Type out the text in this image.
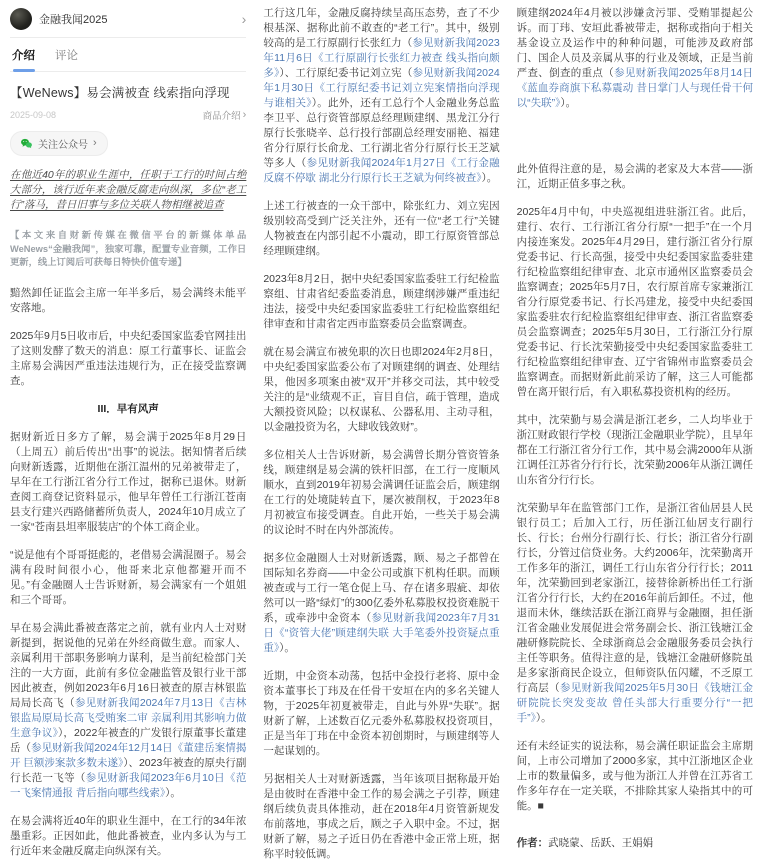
金融我闻2025	›
介绍 评论
【WeNews】易会满被查 线索指向浮现
2025-09-08	商品介绍 ›
关注公众号 ›

在他近40年的职业生涯中，任职于工行的时间占绝大部分，该行近年来金融反腐走向纵深，多位“老工行”落马，昔日旧事与多位关联人物相继被追查

【本文来自财新传媒在微信平台的新媒体单品 WeNews“金融我闻”，独家可靠，配置专业音频，工作日更新，线上订阅后可获每日特快价值专递】

黯然卸任证监会主席一年半多后，易会满终未能平安落地。

2025年9月5日收市后，中央纪委国家监委官网挂出了这则发酵了数天的消息：原工行董事长、证监会主席易会满因严重违法违规行为，正在接受监察调查。

III．早有风声

据财新近日多方了解，易会满于2025年8月29日（上周五）前后传出“出事”的说法。据知情者后续向财新透露，近期他在浙江温州的兄弟被带走了，早年在工行浙江省分行工作过，据称已退休。财新查阅工商登记资料显示，他早年曾任工行浙江苍南县支行建兴西路储蓄所负责人，2024年10月成立了一家“苍南县坦率服装店”的个体工商企业。

“说是他有个哥哥挺彪的，老借易会满混圈子。易会满有段时间很小心，他哥来北京他都避开而不见。”有金融圈人士告诉财新，易会满家有一个姐姐和三个哥哥。

早在易会满此番被查落定之前，就有业内人士对财新提到，据说他的兄弟在外经商做生意。而家人、亲属利用干部职务影响力谋利，是当前纪检部门关注的一大方面，此前有多位金融监管及银行业干部因此被查，例如2023年6月16日被查的原吉林银监局局长高飞（参见财新我闻2024年7月13日《吉林银监局原局长高飞受贿案二审 亲属利用其影响力做生意争议》），2022年被查的广发银行原董事长董建岳（参见财新我闻2024年12月14日《董建岳案情揭开 巨额涉案款多数未遂》）、2023年被查的原央行副行长范一飞等（参见财新我闻2023年6月10日《范一飞案情通报 背后指向哪些线索》）。

在易会满将近40年的职业生涯中，在工行的34年浓墨重彩。正因如此，他此番被查，业内多认为与工行近年来金融反腐走向纵深有关。

工行这几年，金融反腐持续呈高压态势，查了不少根基深、据称此前不敢查的“老工行”。其中，级别较高的是工行原副行长张红力（参见财新我闻2023年11月6日《工行原副行长张红力被查 线头指向颇多》）、工行原纪委书记刘立宪（参见财新我闻2024年1月30日《工行原纪委书记刘立宪案情指向浮现 与谁相关》）。此外，还有工总行个人金融业务总监李卫平、总行资管部原总经理顾建纲、黑龙江分行原行长张晓辛、总行投行部副总经理安丽艳、福建省分行原行长俞龙、工行湖北省分行原行长王芝斌等多人（参见财新我闻2024年1月27日《工行金融反腐不停歇 湖北分行原行长王芝斌为何终被查》）。

上述工行被查的一众干部中，除张红力、刘立宪因级别较高受到广泛关注外，还有一位“老工行”关键人物被查在内部引起不小震动，即工行原资管部总经理顾建纲。

2023年8月2日，据中央纪委国家监委驻工行纪检监察组、甘肃省纪委监委消息，顾建纲涉嫌严重违纪违法，接受中央纪委国家监委驻工行纪检监察组纪律审查和甘肃省定西市监察委员会监察调查。

就在易会满宣布被免职的次日也即2024年2月8日，中央纪委国家监委公布了对顾建纲的调查、处理结果，他因多项案由被“双开”并移交司法，其中较受关注的是“业绩观不正，盲目自信，疏于管理，造成大额投资风险；以权谋私、公器私用、主动寻租，以金融投资为名，大肆收钱敛财”。

多位相关人士告诉财新，易会满曾长期分管资管条线，顾建纲是易会满的铁杆旧部，在工行一度顺风顺水，直到2019年初易会满调任证监会后，顾建纲在工行的处境陡转直下，屡次被削权，于2023年8月初被宣布接受调查。自此开始，一些关于易会满的议论时不时在内外部流传。

据多位金融圈人士对财新透露，顾、易之子都曾在国际知名券商——中金公司或旗下机构任职。而顾被查或与工行一笔仓促上马、存在诸多瑕疵、却依然可以一路“绿灯”的300亿委外私募股权投资难脱干系，或牵涉中金资本（参见财新我闻2023年7月31日《“资管大佬”顾建纲失联 大手笔委外投资疑点重重》）。

近期，中金资本动荡，包括中金投行老将、原中金资本董事长丁玮及在任骨干安垣在内的多名关键人物，于2025年初夏被带走，自此与外界“失联”。据财新了解，上述数百亿元委外私募股权投资项目，正是当年丁玮在中金资本初创期时，与顾建纲等人一起谋划的。

另据相关人士对财新透露，当年该项目据称最开始是由彼时在香港中金工作的易会满之子引荐，顾建纲后续负责具体推动，赶在2018年4月资管新规发布前落地，事成之后，顾之子入职中金。不过，据财新了解，易之子近日仍在香港中金正常上班，据称平时较低调。

顾建纲2024年4月被以涉嫌贪污罪、受贿罪提起公诉。而丁玮、安垣此番被带走，据称或指向于相关基金设立及运作中的种种问题，可能涉及政府部门、国企人员及亲属从事的行业及领域，正是当前严查、倒查的重点（参见财新我闻2025年8月14日《蓝血券商旗下私募震动 昔日掌门人与现任骨干何以“失联”》）。

此外值得注意的是，易会满的老家及大本营——浙江，近期正值多事之秋。

2025年4月中旬，中央巡视组进驻浙江省。此后，建行、农行、工行浙江省分行原“一把手”在一个月内接连案发。2025年4月29日，建行浙江省分行原党委书记、行长高强，接受中央纪委国家监委驻建行纪检监察组纪律审查、北京市通州区监察委员会监察调查；2025年5月7日，农行原首席专家兼浙江省分行原党委书记、行长冯建龙，接受中央纪委国家监委驻农行纪检监察组纪律审查、浙江省监察委员会监察调查；2025年5月30日，工行浙江分行原党委书记、行长沈荣勤接受中央纪委国家监委驻工行纪检监察组纪律审查、辽宁省锦州市监察委员会监察调查。而据财新此前采访了解，这三人可能都曾在离开银行后，有入职私募投资机构的经历。

其中，沈荣勤与易会满是浙江老乡，二人均毕业于浙江财政银行学校（现浙江金融职业学院），且早年都在工行浙江省分行工作，其中易会满2000年从浙江调任江苏省分行行长，沈荣勤2006年从浙江调任山东省分行行长。

沈荣勤早年在监管部门工作，是浙江省仙居县人民银行员工；后加入工行，历任浙江仙居支行副行长、行长；台州分行副行长、行长；浙江省分行副行长，分管过信贷业务。大约2006年，沈荣勤离开工作多年的浙江，调任工行山东省分行行长；2011年，沈荣勤回到老家浙江，接替徐新桥出任工行浙江省分行行长，大约在2016年前后卸任。不过，他退而未休，继续活跃在浙江商界与金融圈，担任浙江省金融业发展促进会常务副会长、浙江钱塘江金融研修院院长、全球浙商总会金融服务委员会执行主任等职务。值得注意的是，钱塘江金融研修院虽是多家浙商民企设立，但师资队伍闪耀，不乏原工行高层（参见财新我闻2025年5月30日《钱塘江金研院院长突发变故 曾任头部大行重要分行“一把手”》）。

还有未经证实的说法称，易会满任职证监会主席期间，上市公司增加了2000多家，其中江浙地区企业上市的数量偏多，或与他为浙江人并曾在江苏省工作多年存在一定关联，不排除其家人染指其中的可能。■

作者：武晓蒙、岳跃、王娟娟
